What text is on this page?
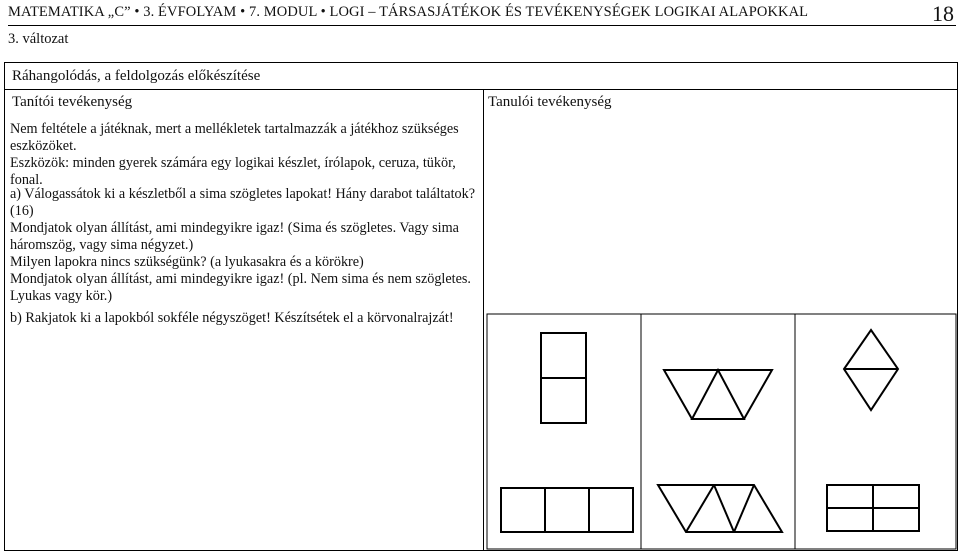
MATEMATIKA „C” • 3. ÉVFOLYAM • 7. MODUL • LOGI – TÁRSASJÁTÉKOK ÉS TEVÉKENYSÉGEK LOGIKAI ALAPOKKAL	18
3. változat
Ráhangolódás, a feldolgozás előkészítése
Tanítói tevékenység	Tanulói tevékenység
Nem feltétele a játéknak, mert a mellékletek tartalmazzák a játékhoz szükséges
eszközöket.
Eszközök: minden gyerek számára egy logikai készlet, írólapok, ceruza, tükör,
fonal.
a) Válogassátok ki a készletből a sima szögletes lapokat! Hány darabot találtatok?
(16)
Mondjatok olyan állítást, ami mindegyikre igaz! (Sima és szögletes. Vagy sima
háromszög, vagy sima négyzet.)
Milyen lapokra nincs szükségünk? (a lyukasakra és a körökre)
Mondjatok olyan állítást, ami mindegyikre igaz! (pl. Nem sima és nem szögletes.
Lyukas vagy kör.)
b) Rakjatok ki a lapokból sokféle négyszöget! Készítsétek el a körvonalrajzát!
